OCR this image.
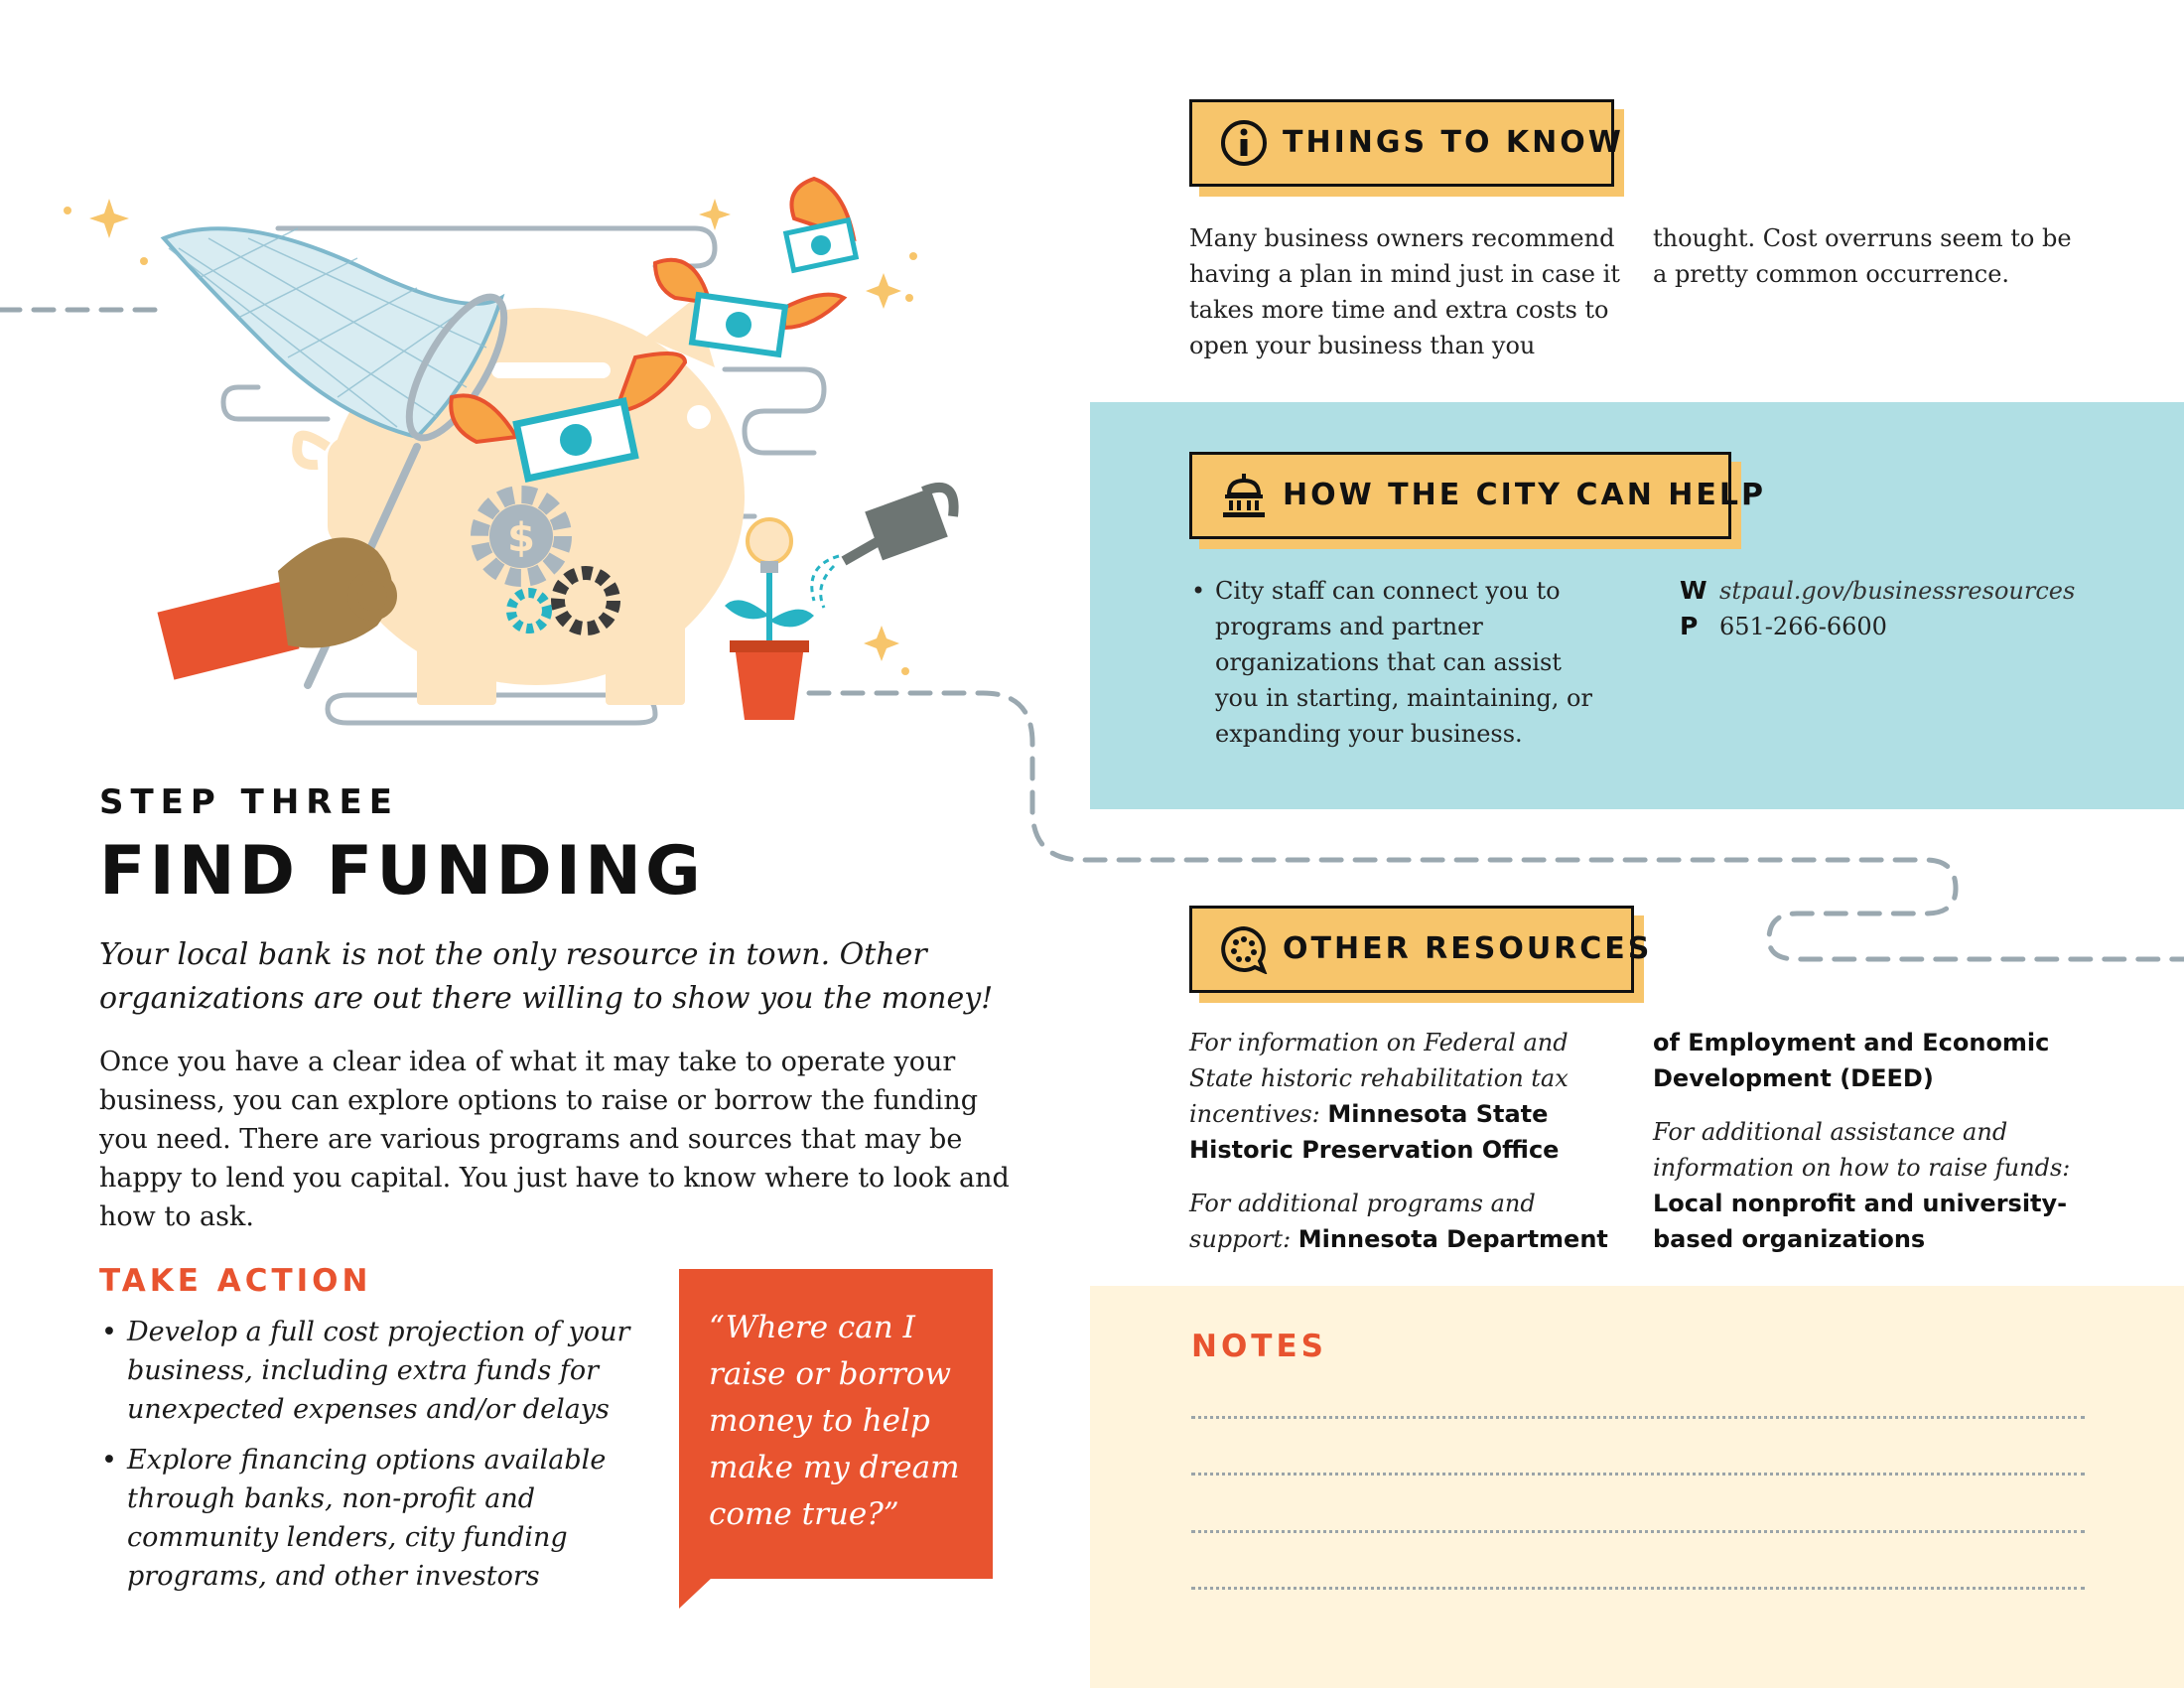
$
STEP THREE
FIND FUNDING
Your local bank is not the only resource in town. Other organizations are out there willing to show you the money!
Once you have a clear idea of what it may take to operate your business, you can explore options to raise or borrow the funding you need. There are various programs and sources that may be happy to lend you capital. You just have to know where to look and how to ask.
TAKE ACTION
• Develop a full cost projection of your business, including extra funds for unexpected expenses and/or delays
• Explore financing options available through banks, non-profit and community lenders, city funding programs, and other investors
“Where can I raise or borrow money to help make my dream come true?”
THINGS TO KNOW
Many business owners recommend having a plan in mind just in case it takes more time and extra costs to open your business than you
thought. Cost overruns seem to be a pretty common occurrence.
HOW THE CITY CAN HELP
• City staff can connect you to programs and partner organizations that can assist you in starting, maintaining, or expanding your business.
W stpaul.gov/businessresources
P 651-266-6600
OTHER RESOURCES

For information on Federal and State historic rehabilitation tax incentives: Minnesota State Historic Preservation Office

For additional programs and support: Minnesota Department

of Employment and Economic Development (DEED)

For additional assistance and information on how to raise funds: Local nonprofit and university-based organizations

NOTES
